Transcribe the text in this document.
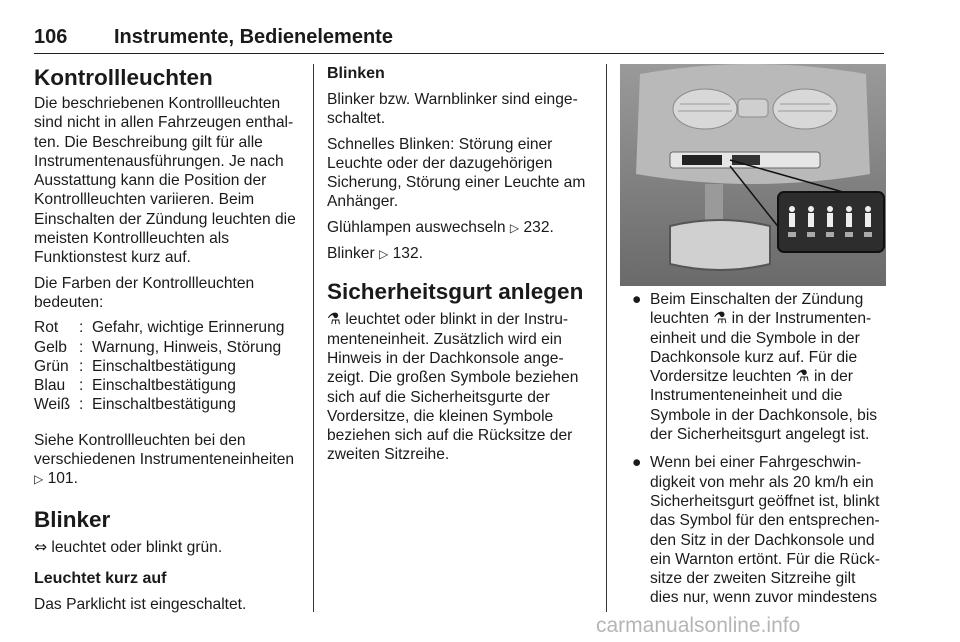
106 Instrumente, Bedienelemente
Kontrollleuchten

Die beschriebenen Kontrollleuchten sind nicht in allen Fahrzeugen enthalten. Die Beschreibung gilt für alle Instrumentenausführungen. Je nach Ausstattung kann die Position der Kontrollleuchten variieren. Beim Einschalten der Zündung leuchten die meisten Kontrollleuchten als Funktionstest kurz auf.

Die Farben der Kontrollleuchten bedeuten:

Rot	: Gefahr, wichtige Erinnerung
Gelb : Warnung, Hinweis, Störung
Grün : Einschaltbestätigung
Blau : Einschaltbestätigung
Weiß : Einschaltbestätigung

Siehe Kontrollleuchten bei den verschiedenen Instrumenteneinheiten ▷ 101.

Blinker

⇔ leuchtet oder blinkt grün.

Leuchtet kurz auf

Das Parklicht ist eingeschaltet.

Blinken

Blinker bzw. Warnblinker sind eingeschaltet.

Schnelles Blinken: Störung einer Leuchte oder der dazugehörigen Sicherung, Störung einer Leuchte am Anhänger.

Glühlampen auswechseln ▷ 232.

Blinker ▷ 132.

Sicherheitsgurt anlegen

⚗ leuchtet oder blinkt in der Instrumenteneinheit. Zusätzlich wird ein Hinweis in der Dachkonsole angezeigt. Die großen Symbole beziehen sich auf die Sicherheitsgurte der Vordersitze, die kleinen Symbole beziehen sich auf die Rücksitze der zweiten Sitzreihe.

● Beim Einschalten der Zündung leuchten ⚗ in der Instrumenteneinheit und die Symbole in der Dachkonsole kurz auf. Für die Vordersitze leuchten ⚗ in der Instrumenteneinheit und die Symbole in der Dachkonsole, bis der Sicherheitsgurt angelegt ist.
● Wenn bei einer Fahrgeschwindigkeit von mehr als 20 km/h ein Sicherheitsgurt geöffnet ist, blinkt das Symbol für den entsprechenden Sitz in der Dachkonsole und ein Warnton ertönt. Für die Rücksitze der zweiten Sitzreihe gilt dies nur, wenn zuvor mindestens
carmanualsonline.info
